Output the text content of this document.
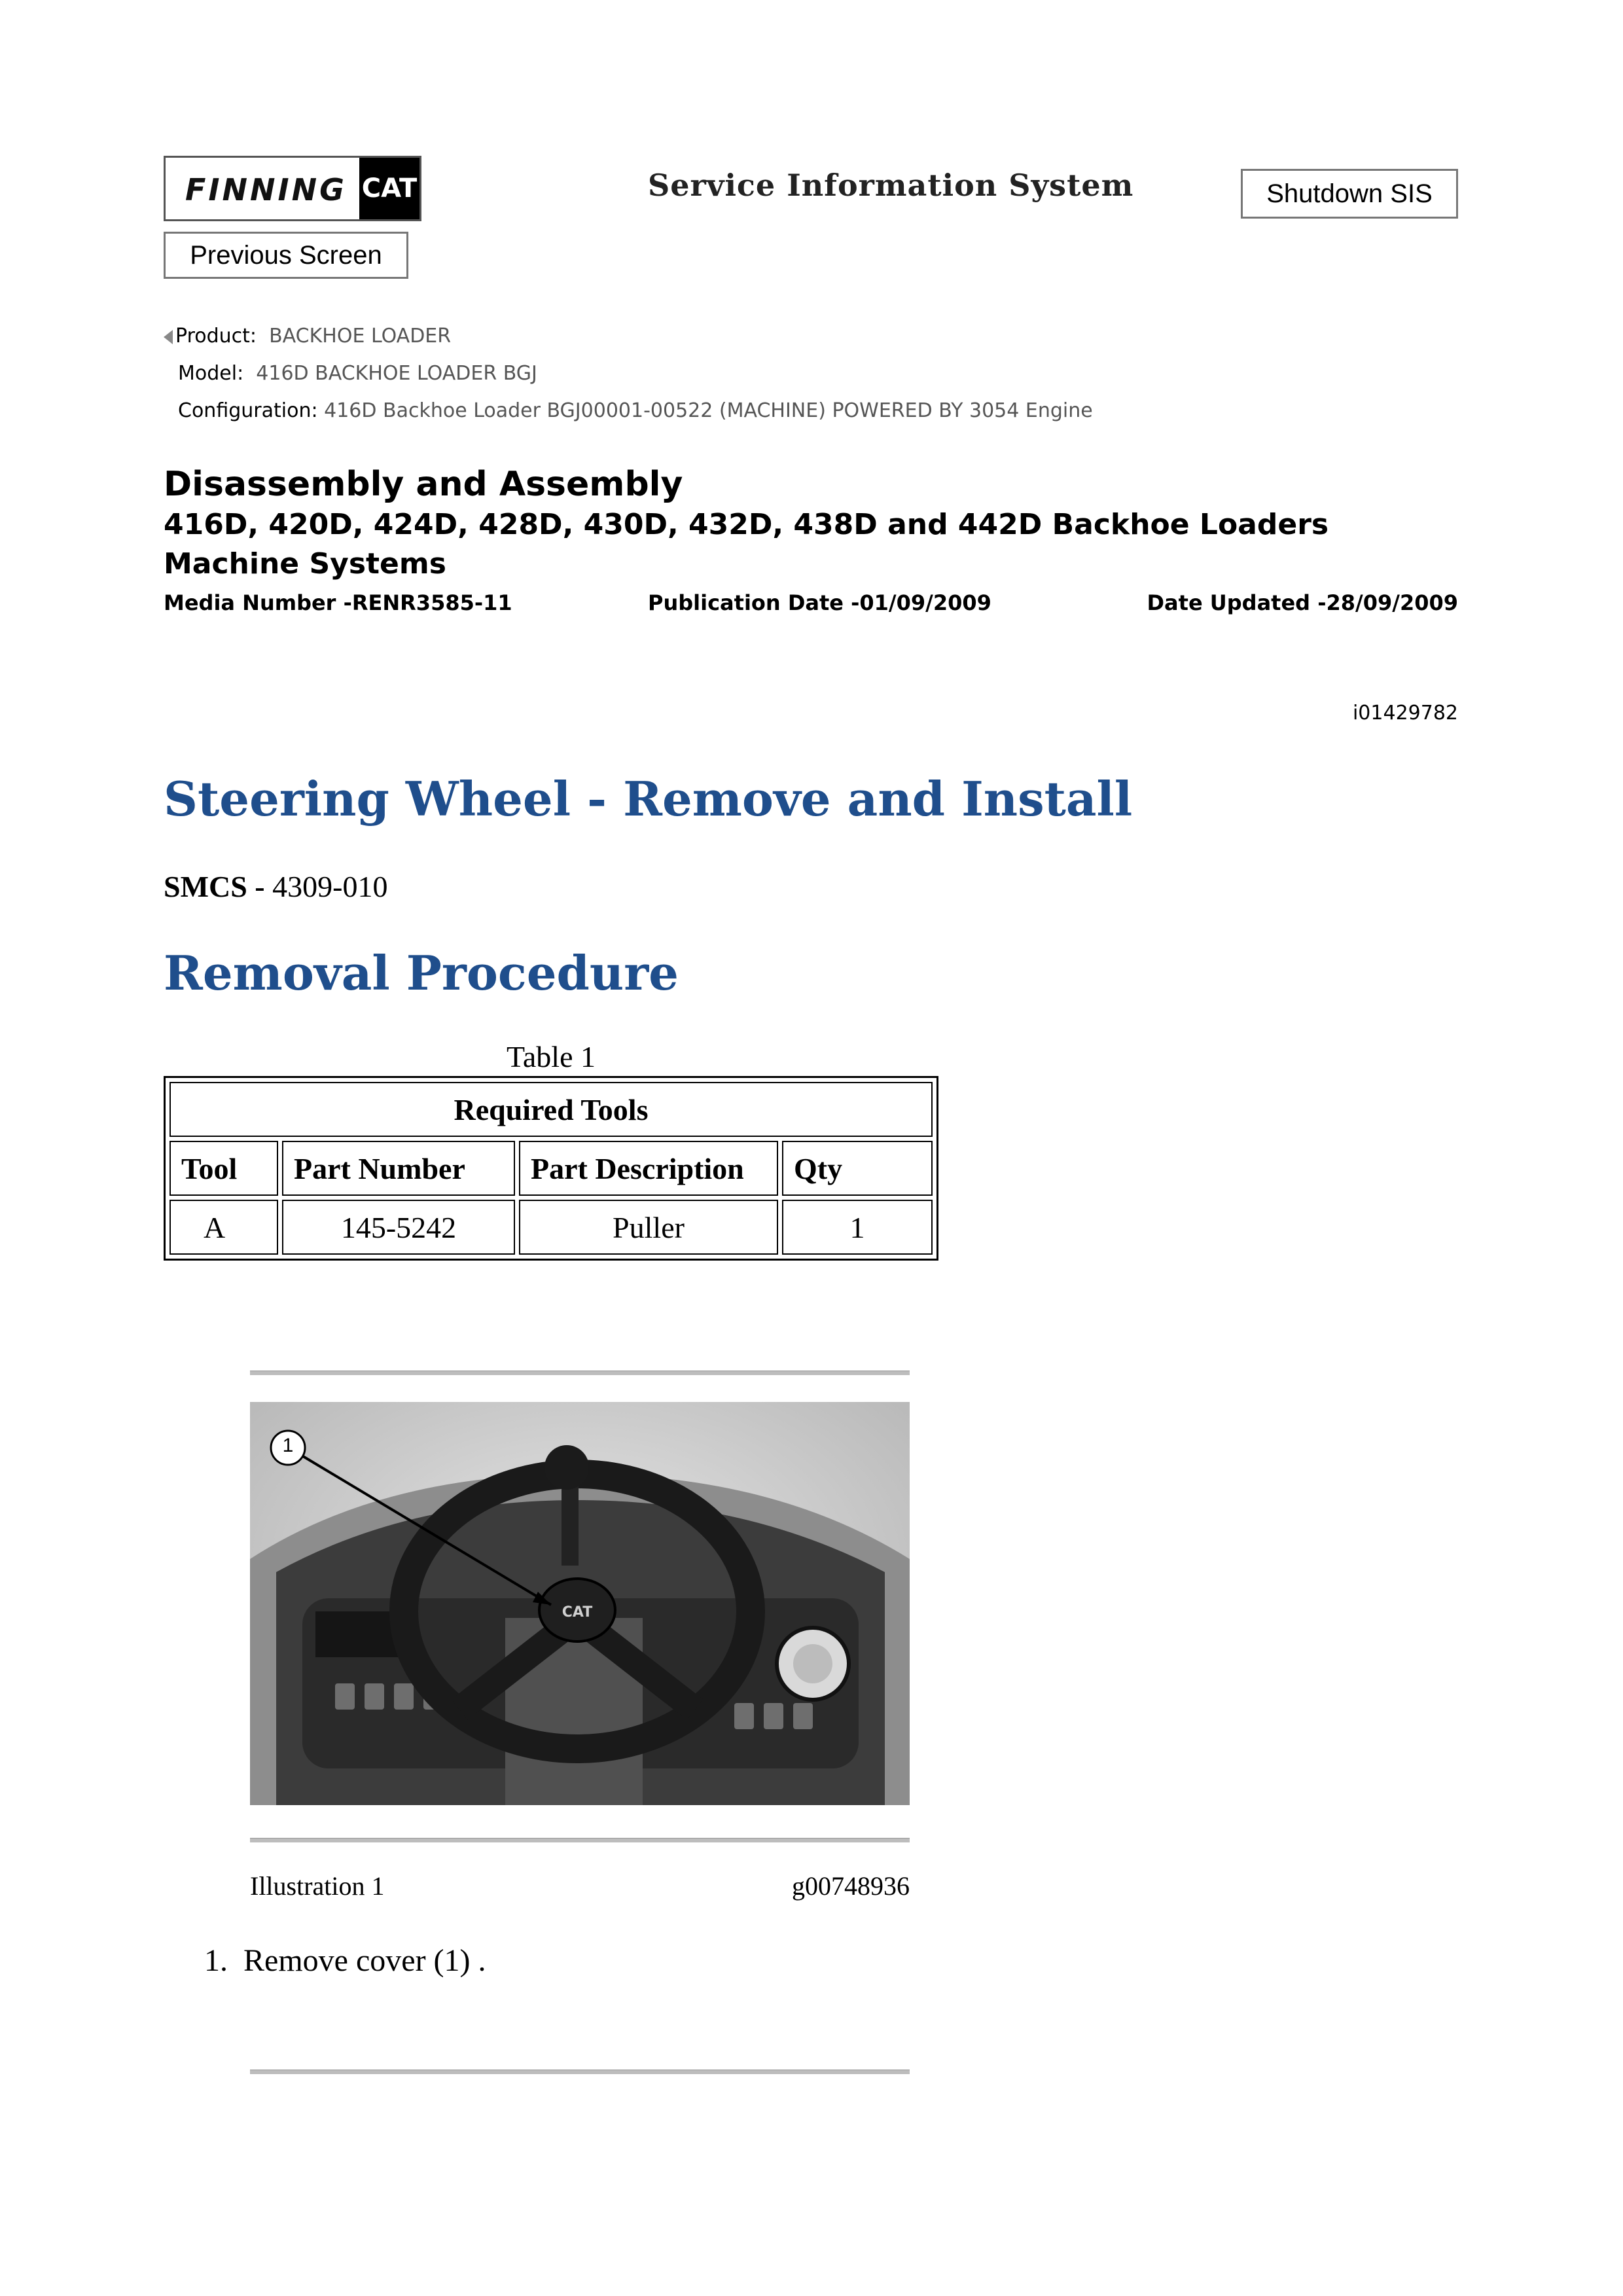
FINNING CAT	Service Information System	Shutdown SIS
Previous Screen
Product: BACKHOE LOADER
Model: 416D BACKHOE LOADER BGJ
Configuration: 416D Backhoe Loader BGJ00001-00522 (MACHINE) POWERED BY 3054 Engine
Disassembly and Assembly
416D, 420D, 424D, 428D, 430D, 432D, 438D and 442D Backhoe Loaders Machine Systems
Media Number -RENR3585-11	Publication Date -01/09/2009	Date Updated -28/09/2009
i01429782
Steering Wheel - Remove and Install
SMCS - 4309-010
Removal Procedure
Table 1
Required Tools			
Tool	Part Number	Part Description	Qty
A	145-5242	Puller	1
CAT
1
Illustration 1	g00748936
1. Remove cover (1) .
